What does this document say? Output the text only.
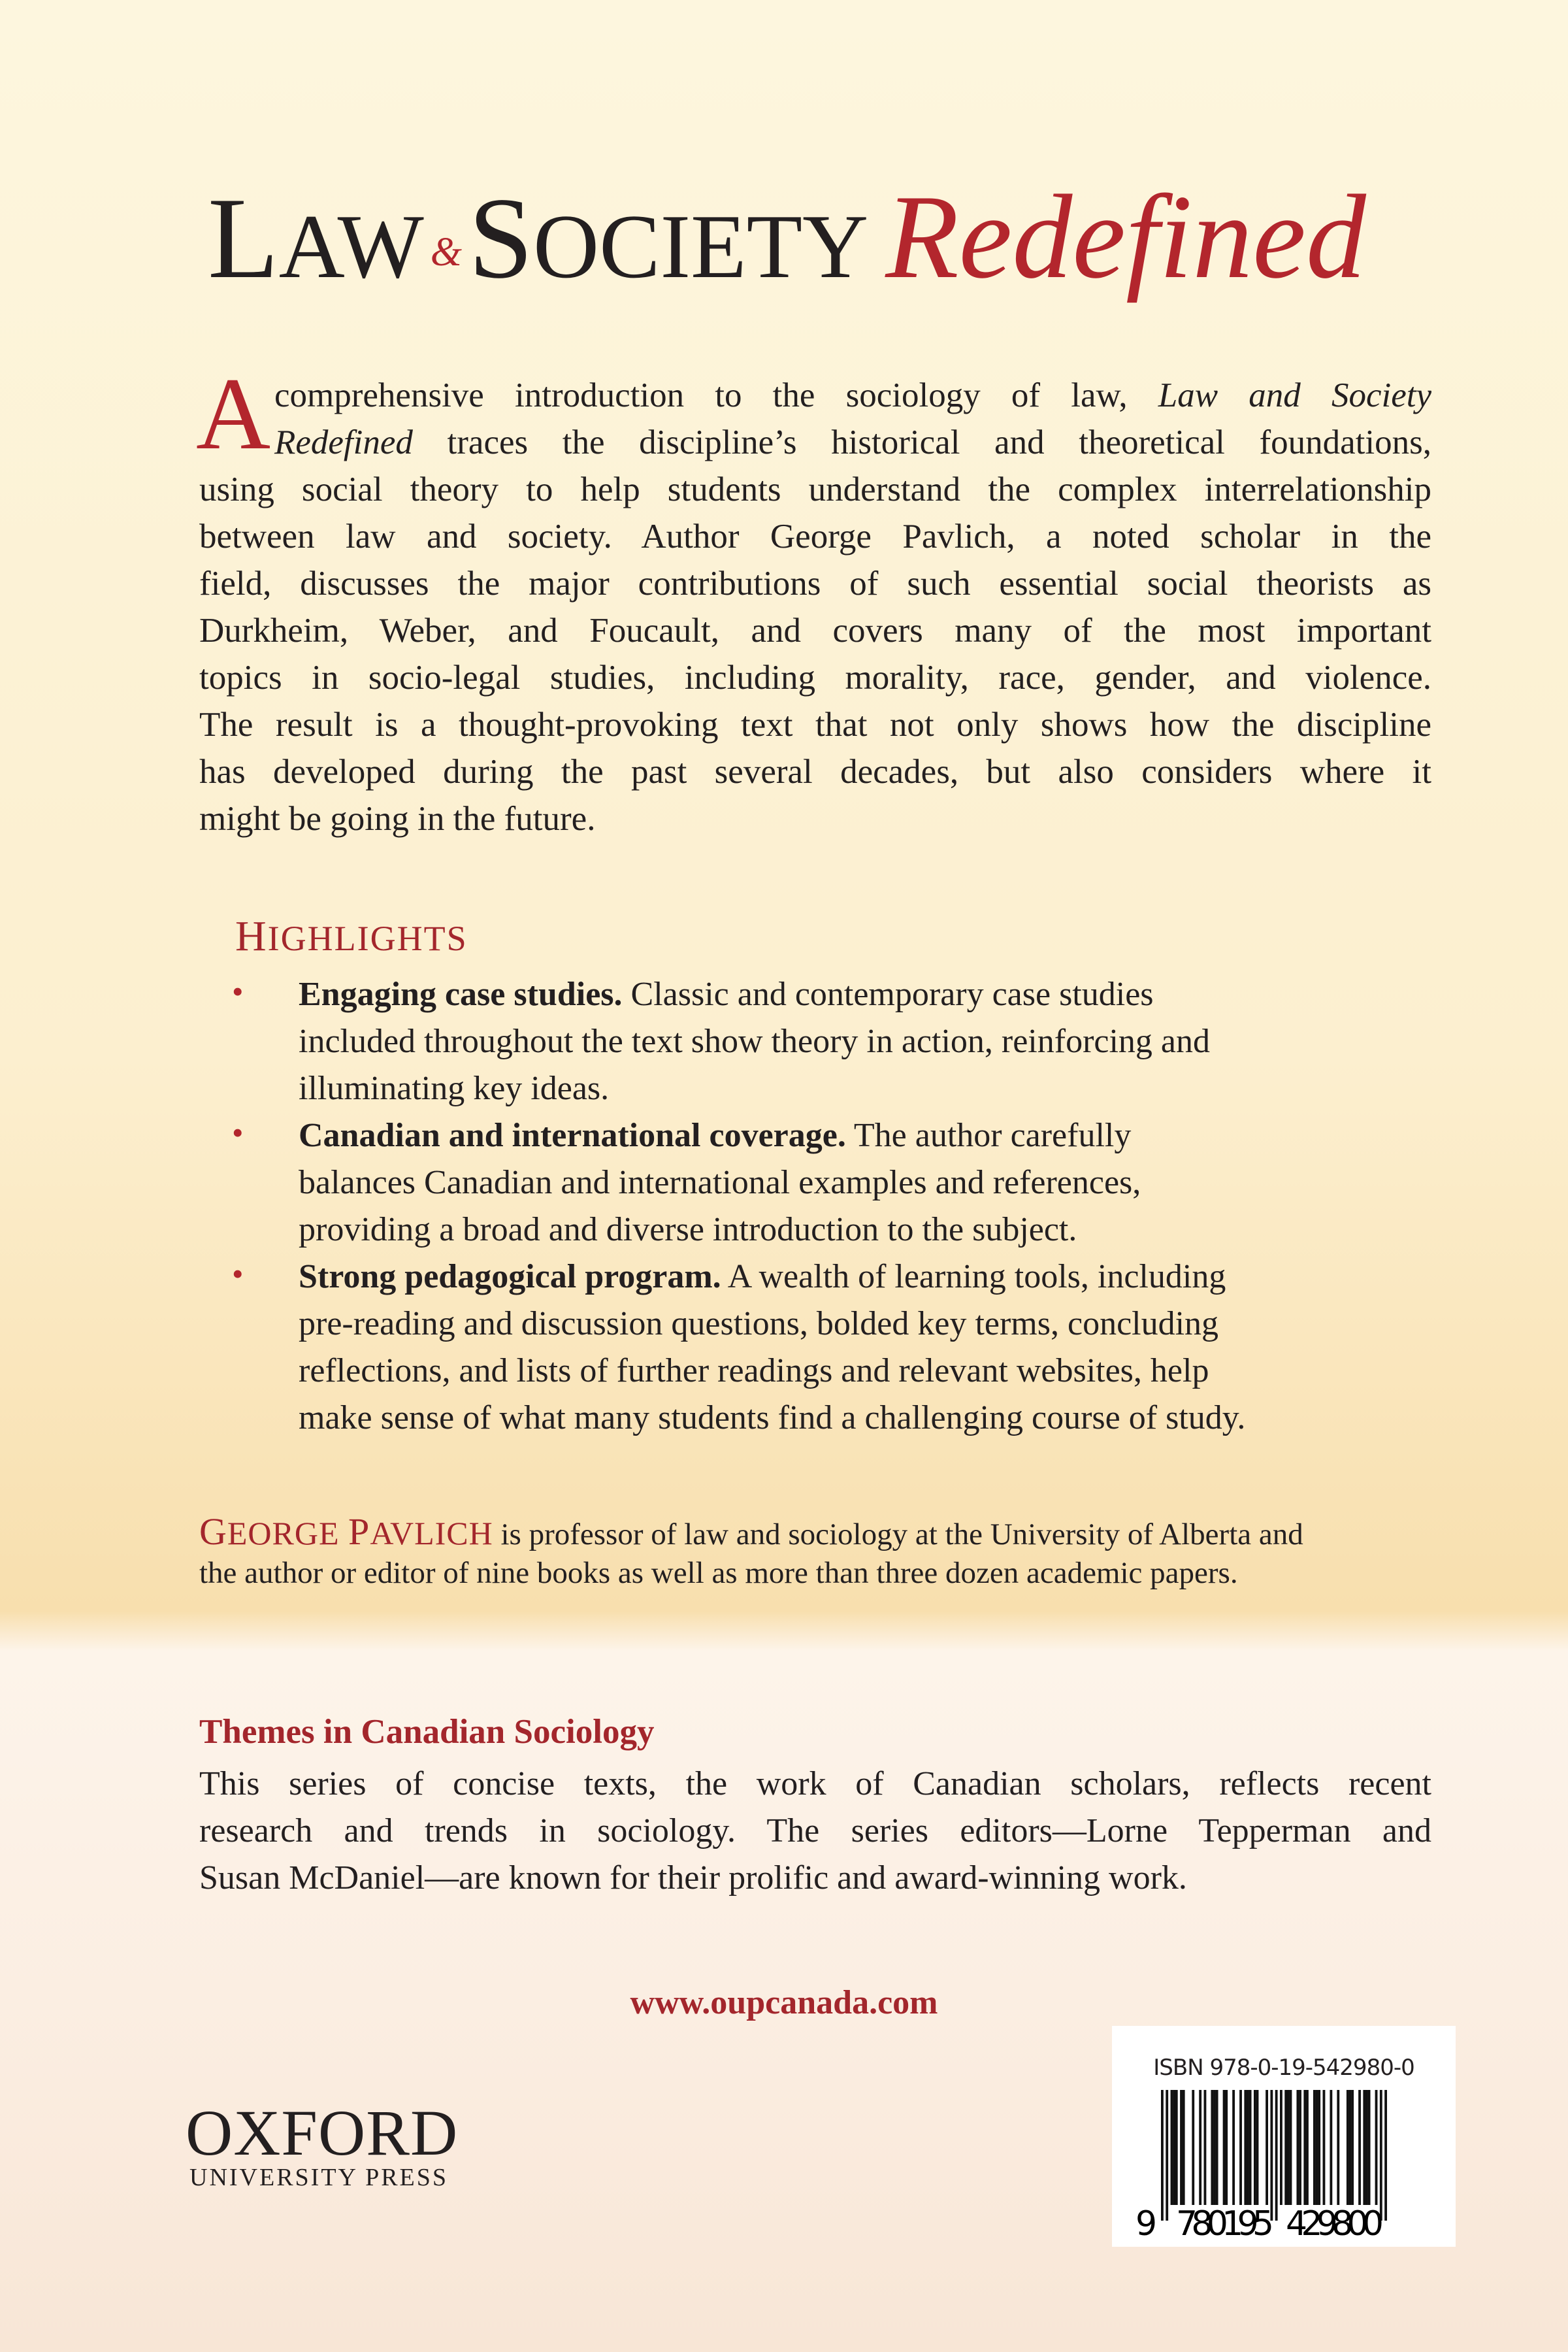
LAW &SOCIETY Redefined
A comprehensive introduction to the sociology of law, Law and Society
Redefined traces the discipline’s historical and theoretical foundations,
using social theory to help students understand the complex interrelationship
between law and society. Author George Pavlich, a noted scholar in the
field, discusses the major contributions of such essential social theorists as
Durkheim, Weber, and Foucault, and covers many of the most important
topics in socio-legal studies, including morality, race, gender, and violence.
The result is a thought-provoking text that not only shows how the discipline
has developed during the past several decades, but also considers where it
might be going in the future.
HIGHLIGHTS
• Engaging case studies. Classic and contemporary case studies
included throughout the text show theory in action, reinforcing and
illuminating key ideas.
• Canadian and international coverage. The author carefully
balances Canadian and international examples and references,
providing a broad and diverse introduction to the subject.
• Strong pedagogical program. A wealth of learning tools, including
pre-reading and discussion questions, bolded key terms, concluding
reflections, and lists of further readings and relevant websites, help
make sense of what many students find a challenging course of study.
GEORGE PAVLICH is professor of law and sociology at the University of Alberta and
the author or editor of nine books as well as more than three dozen academic papers.
Themes in Canadian Sociology
This series of concise texts, the work of Canadian scholars, reflects recent
research and trends in sociology. The series editors—Lorne Tepperman and
Susan McDaniel—are known for their prolific and award-winning work.
www.oupcanada.com
OXFORD
UNIVERSITY PRESS
ISBN 978-0-19-542980-0
9 780195 429800
